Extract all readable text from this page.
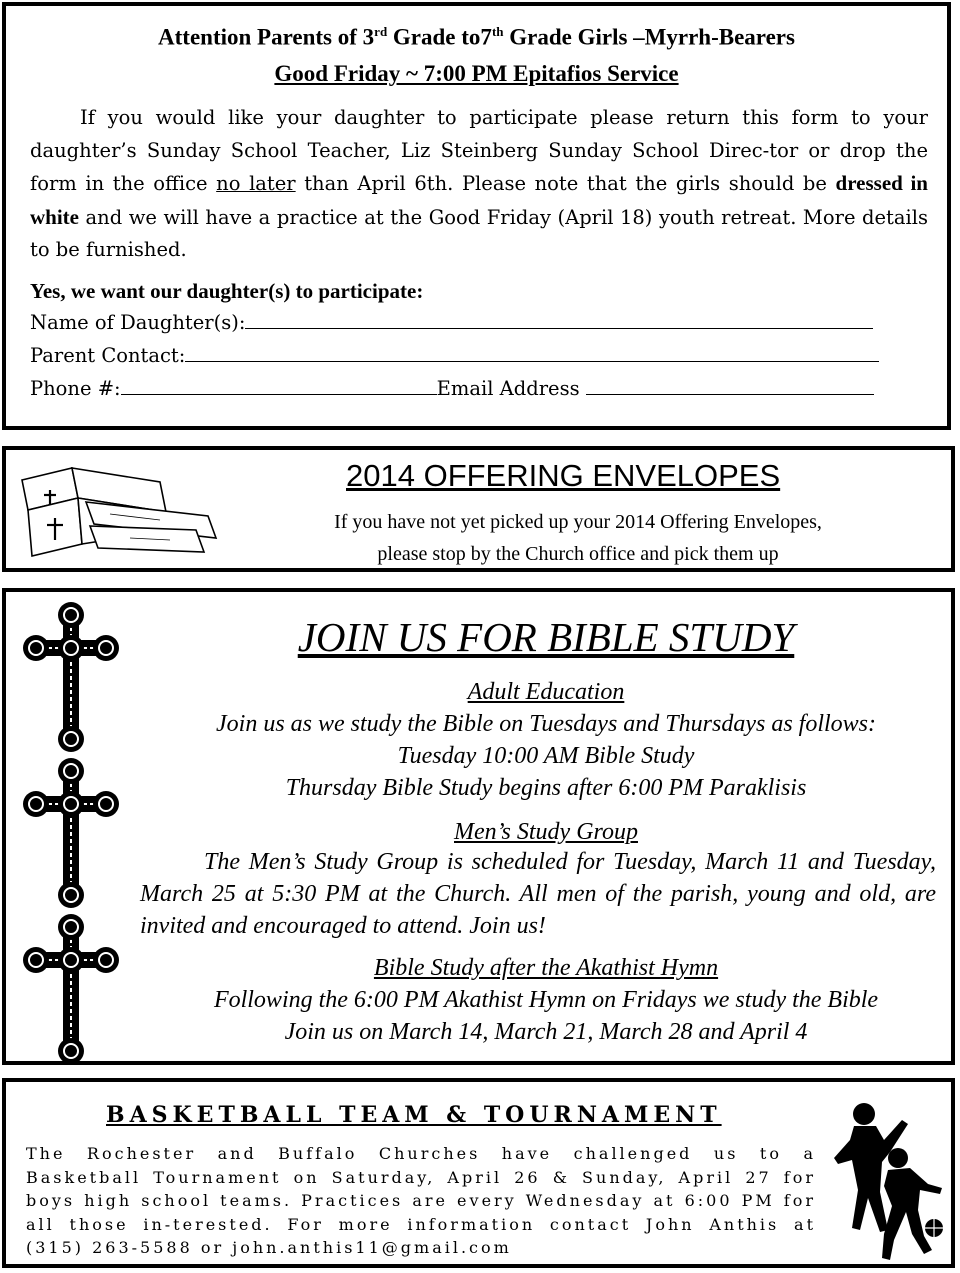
Attention Parents of 3rd Grade to7th Grade Girls –Myrrh-Bearers
Good Friday ~ 7:00 PM Epitafios Service
If you would like your daughter to participate please return this form to your daughter’s Sunday School Teacher, Liz Steinberg Sunday School Direc-tor or drop the form in the office no later than April 6th. Please note that the girls should be dressed in white and we will have a practice at the Good Friday (April 18) youth retreat. More details to be furnished.
Yes, we want our daughter(s) to participate:
Name of Daughter(s):
Parent Contact:
Phone #:	Email Address
2014 OFFERING ENVELOPES
If you have not yet picked up your 2014 Offering Envelopes,
please stop by the Church office and pick them up
JOIN US FOR BIBLE STUDY
Adult Education
Join us as we study the Bible on Tuesdays and Thursdays as follows:
Tuesday 10:00 AM Bible Study
Thursday Bible Study begins after 6:00 PM Paraklisis
Men’s Study Group
The Men’s Study Group is scheduled for Tuesday, March 11 and Tuesday, March 25 at 5:30 PM at the Church. All men of the parish, young and old, are invited and encouraged to attend. Join us!
Bible Study after the Akathist Hymn
Following the 6:00 PM Akathist Hymn on Fridays we study the Bible
Join us on March 14, March 21, March 28 and April 4
BASKETBALL TEAM & TOURNAMENT
The Rochester and Buffalo Churches have challenged us to a Basketball Tournament on Saturday, April 26 & Sunday, April 27 for boys high school teams. Practices are every Wednesday at 6:00 PM for all those in-terested. For more information contact John Anthis at (315) 263-5588 or john.anthis11@gmail.com
